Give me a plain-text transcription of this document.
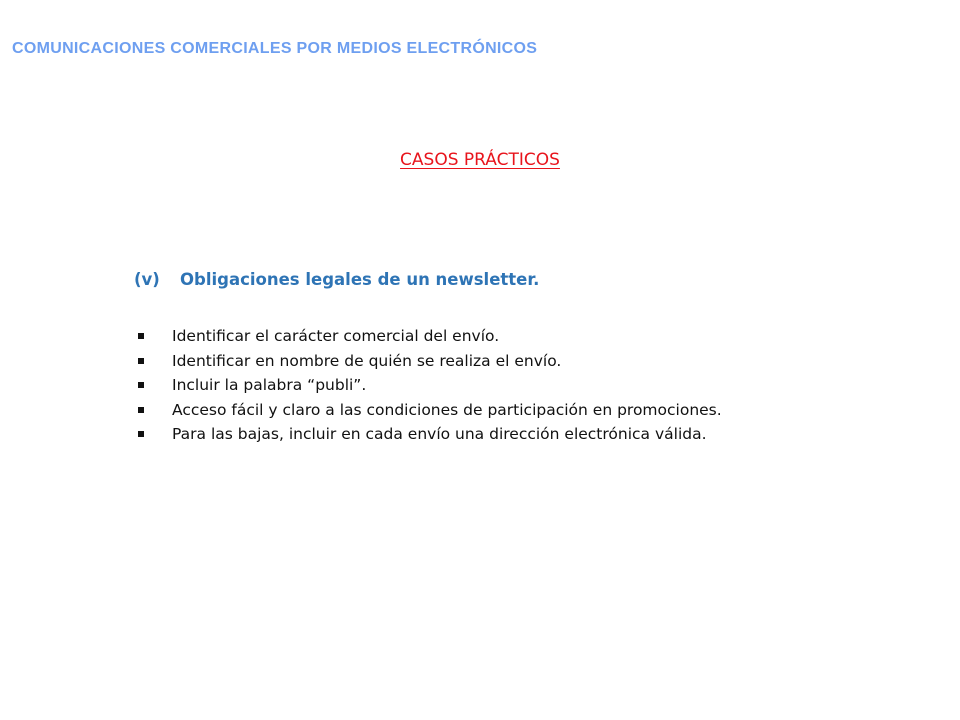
COMUNICACIONES COMERCIALES POR MEDIOS ELECTRÓNICOS
CASOS PRÁCTICOS
(v)	Obligaciones legales de un newsletter.
Identificar el carácter comercial del envío.
Identificar en nombre de quién se realiza el envío.
Incluir la palabra “publi”.
Acceso fácil y claro a las condiciones de participación en promociones.
Para las bajas, incluir en cada envío una dirección electrónica válida.
